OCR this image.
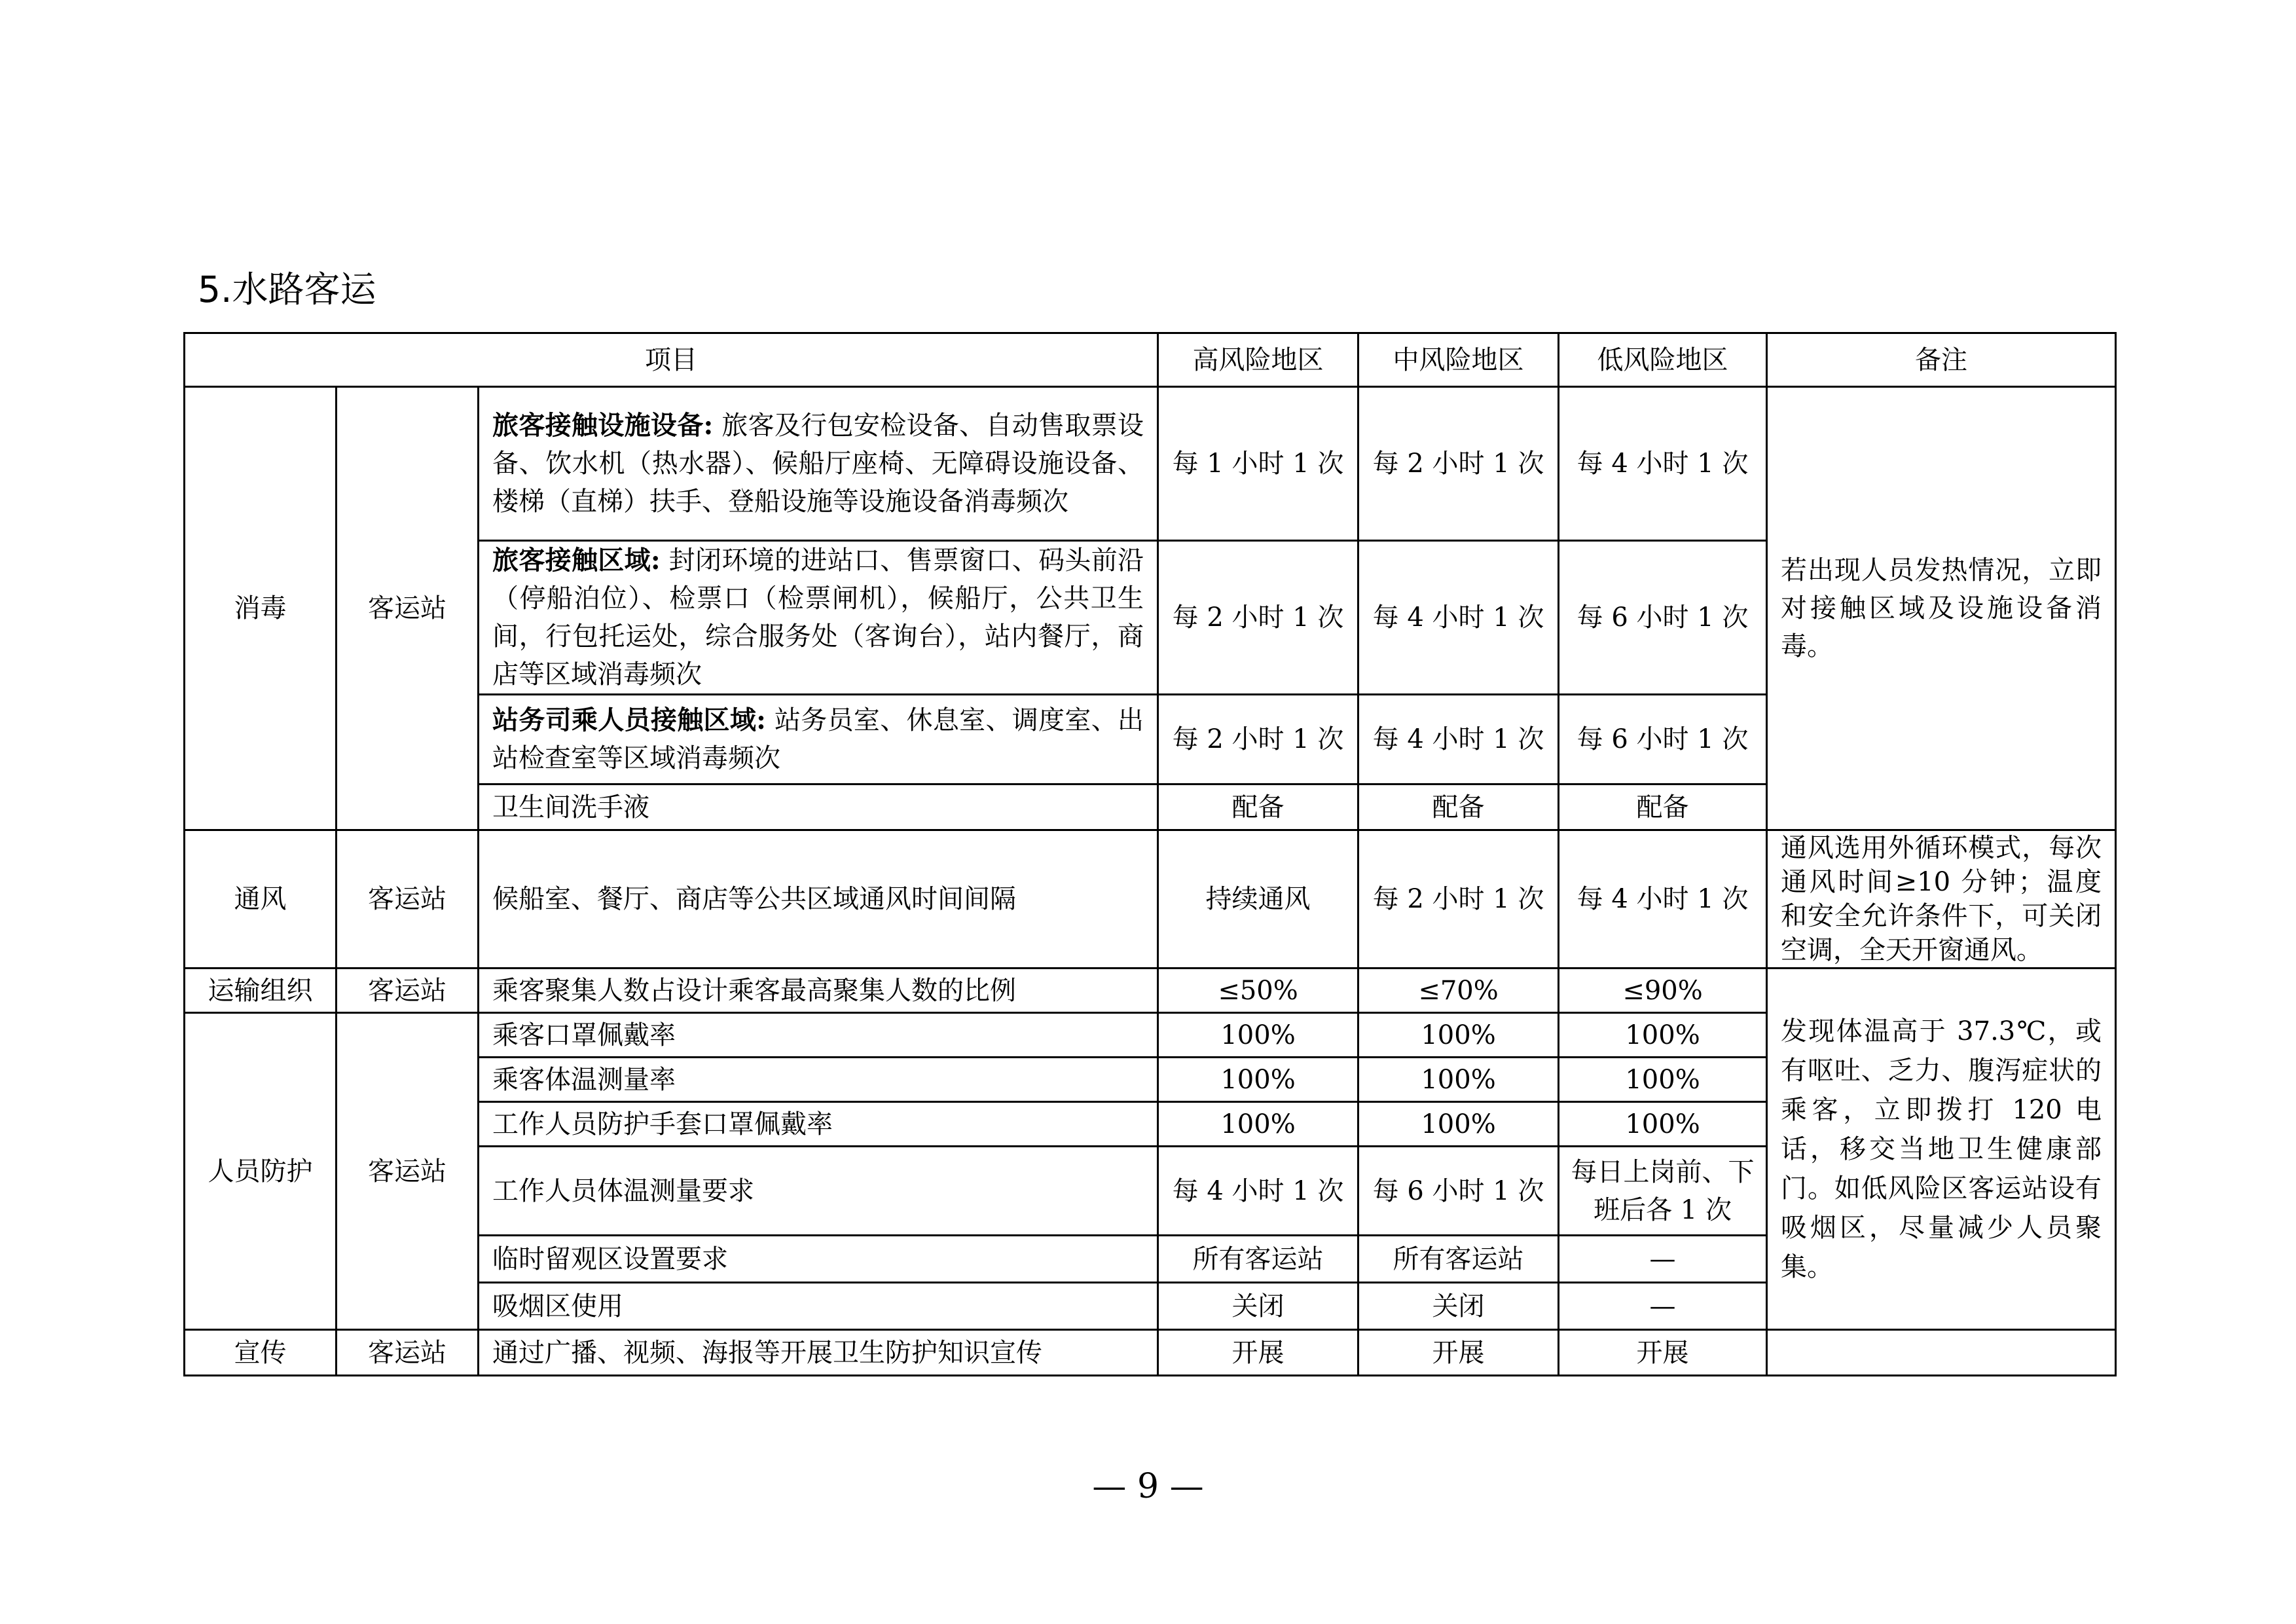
5.水路客运
项目			高风险地区	中风险地区	低风险地区	备注
消毒	客运站	旅客接触设施设备: 旅客及行包安检设备、自动售取票设备、饮水机（热水器）、候船厅座椅、无障碍设施设备、楼梯（直梯）扶手、登船设施等设施设备消毒频次	每 1 小时 1 次	每 2 小时 1 次	每 4 小时 1 次	若出现人员发热情况，立即对接触区域及设施设备消毒。
		旅客接触区域: 封闭环境的进站口、售票窗口、码头前沿（停船泊位）、检票口（检票闸机），候船厅，公共卫生间，行包托运处，综合服务处（客询台），站内餐厅，商店等区域消毒频次	每 2 小时 1 次	每 4 小时 1 次	每 6 小时 1 次	
		站务司乘人员接触区域: 站务员室、休息室、调度室、出站检查室等区域消毒频次	每 2 小时 1 次	每 4 小时 1 次	每 6 小时 1 次	
		卫生间洗手液	配备	配备	配备	
通风	客运站	候船室、餐厅、商店等公共区域通风时间间隔	持续通风	每 2 小时 1 次	每 4 小时 1 次	通风选用外循环模式，每次通风时间≥10 分钟；温度和安全允许条件下，可关闭空调，全天开窗通风。
运输组织	客运站	乘客聚集人数占设计乘客最高聚集人数的比例	≤50%	≤70%	≤90%	发现体温高于 37.3℃，或有呕吐、乏力、腹泻症状的乘客，立即拨打 120 电话，移交当地卫生健康部门。如低风险区客运站设有吸烟区，尽量减少人员聚集。
人员防护	客运站	乘客口罩佩戴率	100%	100%	100%	
		乘客体温测量率	100%	100%	100%	
		工作人员防护手套口罩佩戴率	100%	100%	100%	
		工作人员体温测量要求	每 4 小时 1 次	每 6 小时 1 次	每日上岗前、下班后各 1 次	
		临时留观区设置要求	所有客运站	所有客运站	—	
		吸烟区使用	关闭	关闭	—	
宣传	客运站	通过广播、视频、海报等开展卫生防护知识宣传	开展	开展	开展	
— 9 —
